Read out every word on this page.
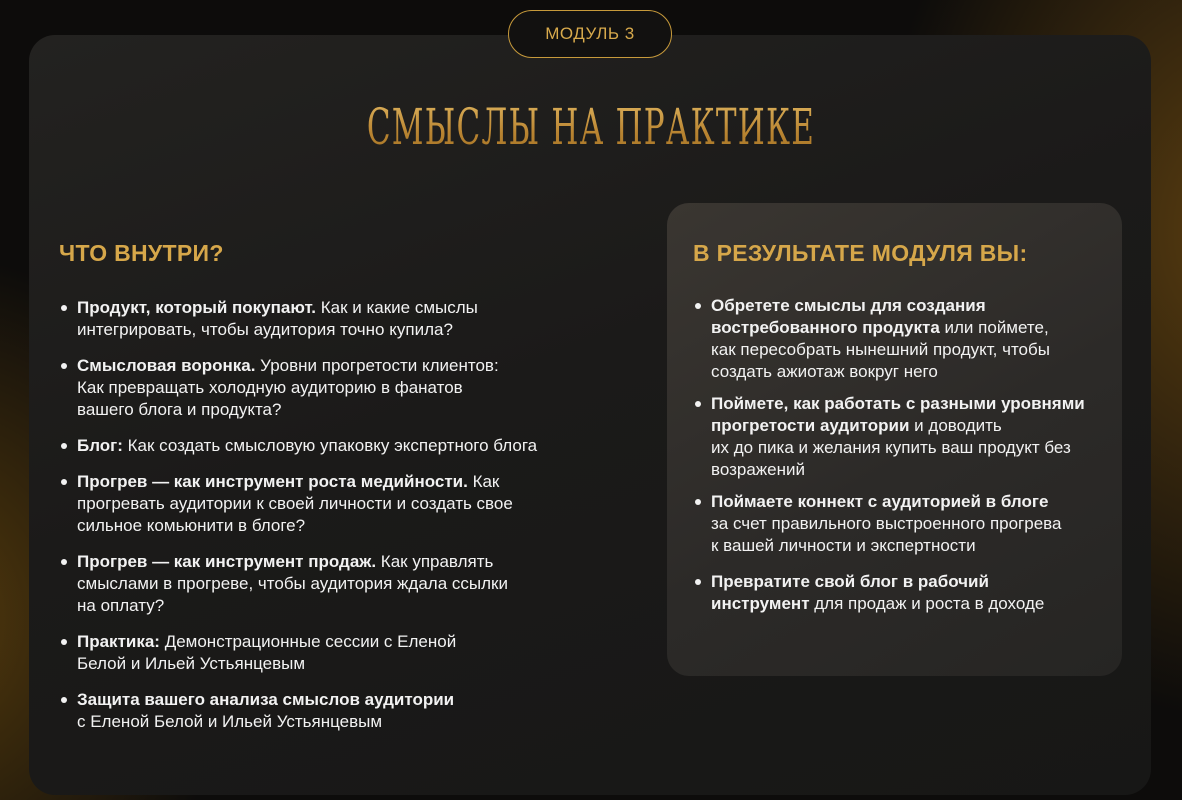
МОДУЛЬ 3
СМЫСЛЫ НА ПРАКТИКЕ
ЧТО ВНУТРИ?
Продукт, который покупают. Как и какие смыслы
интегрировать, чтобы аудитория точно купила?
Смысловая воронка. Уровни прогретости клиентов:
Как превращать холодную аудиторию в фанатов
вашего блога и продукта?
Блог: Как создать смысловую упаковку экспертного блога
Прогрев — как инструмент роста медийности. Как
прогревать аудитории к своей личности и создать свое
сильное комьюнити в блоге?
Прогрев — как инструмент продаж. Как управлять
смыслами в прогреве, чтобы аудитория ждала ссылки
на оплату?
Практика: Демонстрационные сессии с Еленой
Белой и Ильей Устьянцевым
Защита вашего анализа смыслов аудитории
с Еленой Белой и Ильей Устьянцевым
В РЕЗУЛЬТАТЕ МОДУЛЯ ВЫ:
Обретете смыслы для создания
востребованного продукта или поймете,
как пересобрать нынешний продукт, чтобы
создать ажиотаж вокруг него
Поймете, как работать с разными уровнями
прогретости аудитории и доводить
их до пика и желания купить ваш продукт без
возражений
Поймаете коннект с аудиторией в блоге
за счет правильного выстроенного прогрева
к вашей личности и экспертности
Превратите свой блог в рабочий
инструмент для продаж и роста в доходе
